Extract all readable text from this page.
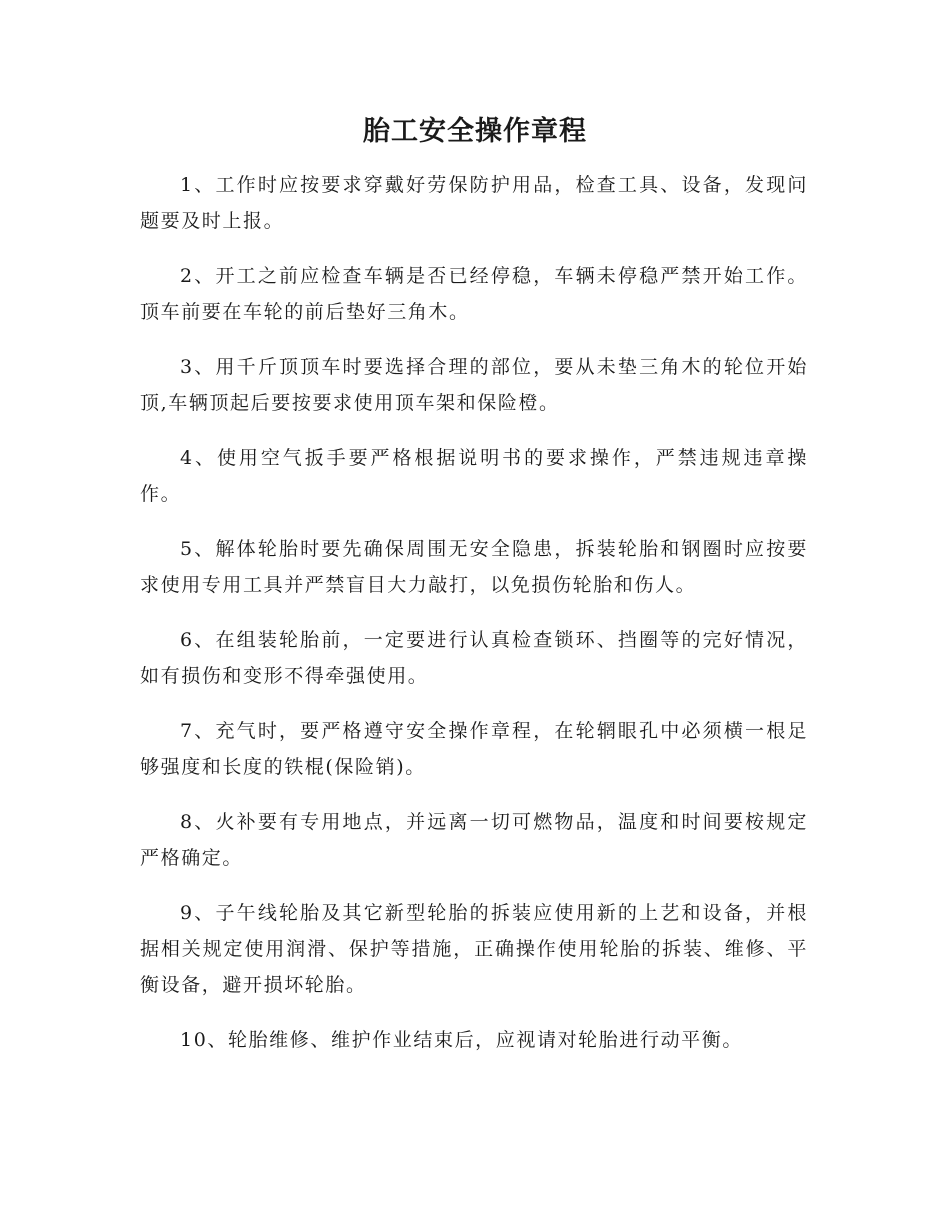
胎工安全操作章程

1、工作时应按要求穿戴好劳保防护用品，检查工具、设备，发现问题要及时上报。

2、开工之前应检查车辆是否已经停稳，车辆未停稳严禁开始工作。顶车前要在车轮的前后垫好三角木。

3、用千斤顶顶车时要选择合理的部位，要从未垫三角木的轮位开始顶,车辆顶起后要按要求使用顶车架和保险橙。

4、使用空气扳手要严格根据说明书的要求操作，严禁违规违章操作。

5、解体轮胎时要先确保周围无安全隐患，拆装轮胎和钢圈时应按要求使用专用工具并严禁盲目大力敲打，以免损伤轮胎和伤人。

6、在组装轮胎前，一定要进行认真检查锁环、挡圈等的完好情况，如有损伤和变形不得牵强使用。

7、充气时，要严格遵守安全操作章程，在轮辋眼孔中必须横一根足够强度和长度的铁棍(保险销)。

8、火补要有专用地点，并远离一切可燃物品，温度和时间要桉规定严格确定。

9、子午线轮胎及其它新型轮胎的拆装应使用新的上艺和设备，并根据相关规定使用润滑、保护等措施，正确操作使用轮胎的拆装、维修、平衡设备，避开损坏轮胎。

10、轮胎维修、维护作业结束后，应视请对轮胎进行动平衡。
